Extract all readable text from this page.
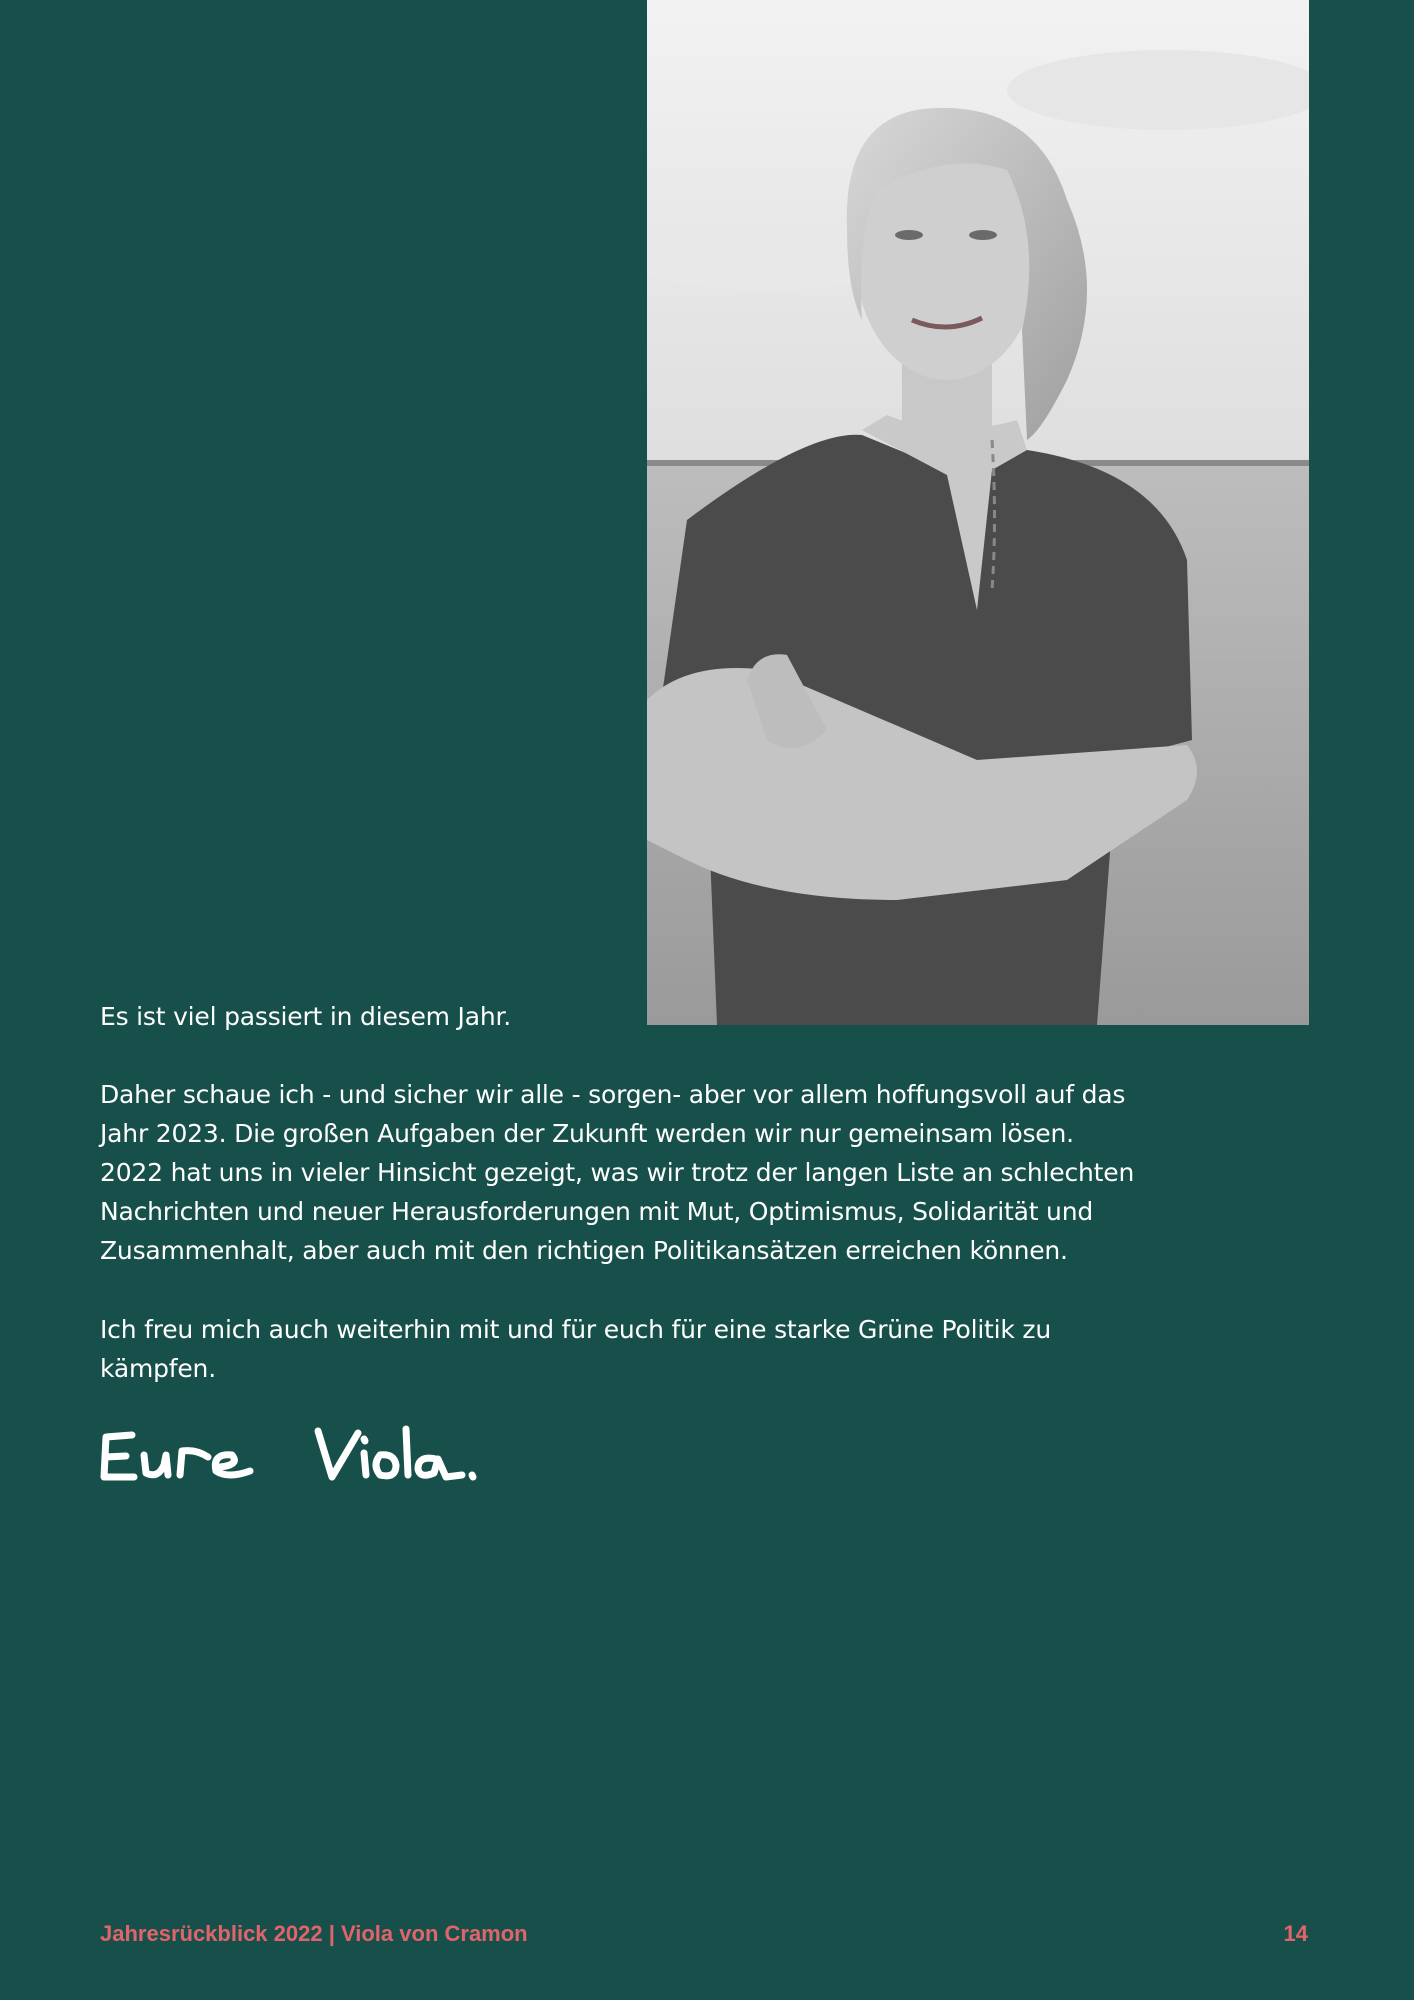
Es ist viel passiert in diesem Jahr.
Daher schaue ich - und sicher wir alle - sorgen- aber vor allem hoffungsvoll auf das
Jahr 2023. Die großen Aufgaben der Zukunft werden wir nur gemeinsam lösen.
2022 hat uns in vieler Hinsicht gezeigt, was wir trotz der langen Liste an schlechten
Nachrichten und neuer Herausforderungen mit Mut, Optimismus, Solidarität und
Zusammenhalt, aber auch mit den richtigen Politikansätzen erreichen können.
Ich freu mich auch weiterhin mit und für euch für eine starke Grüne Politik zu
kämpfen.
Jahresrückblick 2022 | Viola von Cramon	14
